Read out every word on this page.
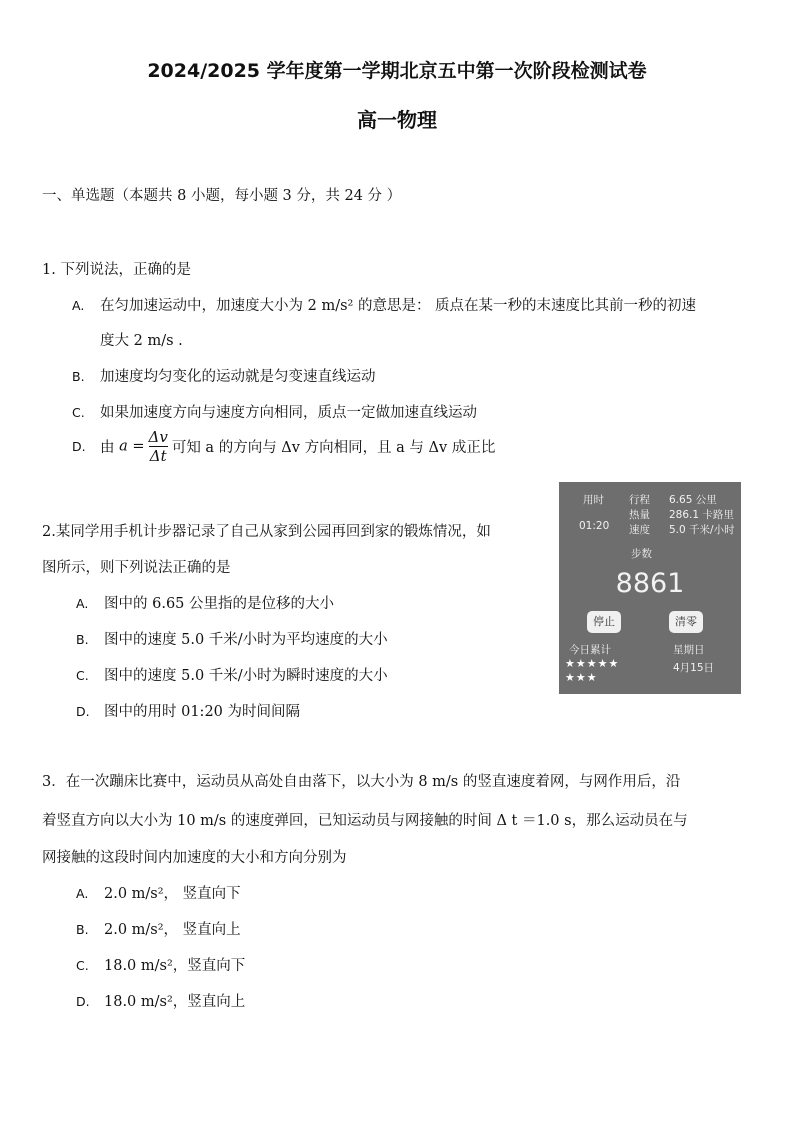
2024/2025 学年度第一学期北京五中第一次阶段检测试卷
高一物理
一、单选题（本题共 8 小题，每小题 3 分，共 24 分 ）
1. 下列说法，正确的是
A. 在匀加速运动中，加速度大小为 2 m/s² 的意思是： 质点在某一秒的末速度比其前一秒的初速
度大 2 m/s .
B. 加速度均匀变化的运动就是匀变速直线运动
C. 如果加速度方向与速度方向相同，质点一定做加速直线运动
D. 由 $a = \frac{\Delta v}{\Delta t}$ 可知 a 的方向与 Δv 方向相同，且 a 与 Δv 成正比
2.某同学用手机计步器记录了自己从家到公园再回到家的锻炼情况，如
图所示，则下列说法正确的是
A. 图中的 6.65 公里指的是位移的大小
B. 图中的速度 5.0 千米/小时为平均速度的大小
C. 图中的速度 5.0 千米/小时为瞬时速度的大小
D. 图中的用时 01:20 为时间间隔
用时
01:20
行程 6.65 公里
热量 286.1 卡路里
速度 5.0 千米/小时
步数
8861
停止	清零
今日累计
★★★★★
★★★
星期日
4月15日
3．在一次蹦床比赛中，运动员从高处自由落下，以大小为 8 m/s 的竖直速度着网，与网作用后，沿
着竖直方向以大小为 10 m/s 的速度弹回，已知运动员与网接触的时间 Δ t ＝1.0 s，那么运动员在与
网接触的这段时间内加速度的大小和方向分别为
A. 2.0 m/s²， 竖直向下
B. 2.0 m/s²， 竖直向上
C. 18.0 m/s²，竖直向下
D. 18.0 m/s²，竖直向上
